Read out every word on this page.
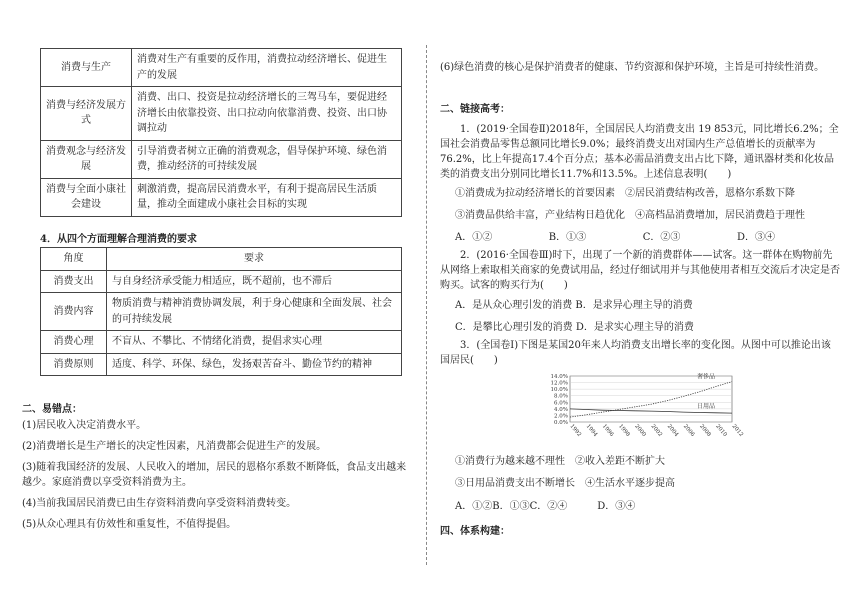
消费与生产	消费对生产有重要的反作用，消费拉动经济增长、促进生产的发展
消费与经济发展方式	消费、出口、投资是拉动经济增长的三驾马车，要促进经济增长由依靠投资、出口拉动向依靠消费、投资、出口协调拉动
消费观念与经济发展	引导消费者树立正确的消费观念，倡导保护环境、绿色消费，推动经济的可持续发展
消费与全面小康社会建设	刺激消费，提高居民消费水平，有利于提高居民生活质量，推动全面建成小康社会目标的实现
4．从四个方面理解合理消费的要求
角度	要求
消费支出	与自身经济承受能力相适应，既不超前，也不滞后
消费内容	物质消费与精神消费协调发展，利于身心健康和全面发展、社会的可持续发展
消费心理	不盲从、不攀比、不情绪化消费，提倡求实心理
消费原则	适度、科学、环保、绿色，发扬艰苦奋斗、勤俭节约的精神
二、易错点：
(1)居民收入决定消费水平。
(2)消费增长是生产增长的决定性因素，凡消费都会促进生产的发展。
(3)随着我国经济的发展、人民收入的增加，居民的恩格尔系数不断降低，食品支出越来越少。家庭消费以享受资料消费为主。
(4)当前我国居民消费已由生存资料消费向享受资料消费转变。
(5)从众心理具有仿效性和重复性，不值得提倡。
(6)绿色消费的核心是保护消费者的健康、节约资源和保护环境，主旨是可持续性消费。
二、链接高考：
1．(2019·全国卷Ⅱ)2018年，全国居民人均消费支出 19 853元，同比增长6.2%；全国社会消费品零售总额同比增长9.0%；最终消费支出对国内生产总值增长的贡献率为76.2%，比上年提高17.4个百分点；基本必需品消费支出占比下降，通讯器材类和化妆品类的消费支出分别同比增长11.7%和13.5%。上述信息表明(　　)
①消费成为拉动经济增长的首要因素　②居民消费结构改善，恩格尔系数下降
③消费品供给丰富，产业结构日趋优化　④高档品消费增加，居民消费趋于理性
A．①②	B．①③	C．②③	D．③④
2．(2016·全国卷Ⅲ)时下，出现了一个新的消费群体——试客。这一群体在购物前先从网络上索取相关商家的免费试用品，经过仔细试用并与其他使用者相互交流后才决定是否购买。试客的购买行为(　　)
A．是从众心理引发的消费 B．是求异心理主导的消费
C．是攀比心理引发的消费 D．是求实心理主导的消费
3．(全国卷Ⅰ)下图是某国20年来人均消费支出增长率的变化图。从图中可以推论出该国居民(　　)
14.0%
12.0%
10.0%
8.0%
6.0%
4.0%
2.0%
0.0%
1992 1994 1996 1998 2000 2002 2004 2006 2008 2010 2012
奢侈品
日用品
①消费行为越来越不理性　②收入差距不断扩大
③日用品消费支出不断增长　④生活水平逐步提高
A．①②B．①③C．②④　　　D．③④
四、体系构建：
